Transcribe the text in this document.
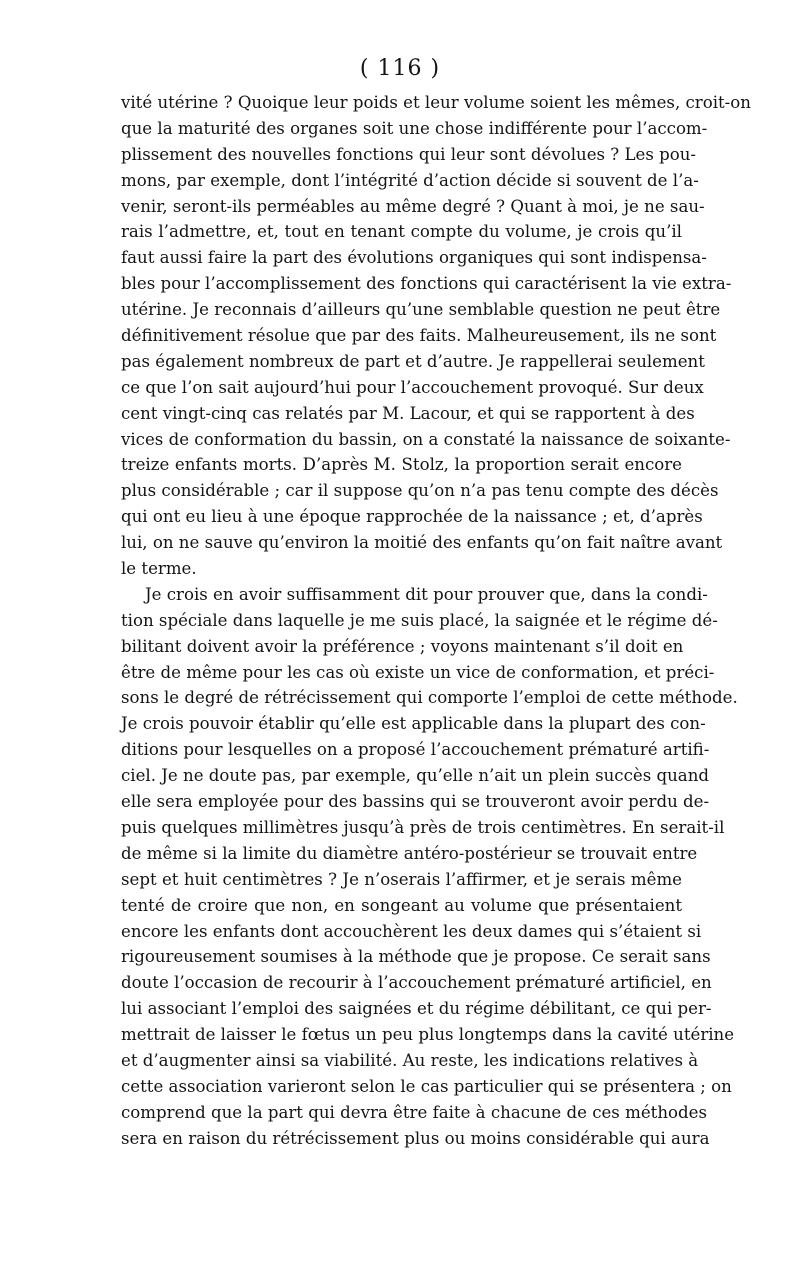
( 116 )
vité utérine ? Quoique leur poids et leur volume soient les mêmes, croit-on
que la maturité des organes soit une chose indifférente pour l’accom-
plissement des nouvelles fonctions qui leur sont dévolues ? Les pou-
mons, par exemple, dont l’intégrité d’action décide si souvent de l’a-
venir, seront-ils perméables au même degré ? Quant à moi, je ne sau-
rais l’admettre, et, tout en tenant compte du volume, je crois qu’il
faut aussi faire la part des évolutions organiques qui sont indispensa-
bles pour l’accomplissement des fonctions qui caractérisent la vie extra-
utérine. Je reconnais d’ailleurs qu’une semblable question ne peut être
définitivement résolue que par des faits. Malheureusement, ils ne sont
pas également nombreux de part et d’autre. Je rappellerai seulement
ce que l’on sait aujourd’hui pour l’accouchement provoqué. Sur deux
cent vingt-cinq cas relatés par M. Lacour, et qui se rapportent à des
vices de conformation du bassin, on a constaté la naissance de soixante-
treize enfants morts. D’après M. Stolz, la proportion serait encore
plus considérable ; car il suppose qu’on n’a pas tenu compte des décès
qui ont eu lieu à une époque rapprochée de la naissance ; et, d’après
lui, on ne sauve qu’environ la moitié des enfants qu’on fait naître avant
le terme.
Je crois en avoir suffisamment dit pour prouver que, dans la condi-
tion spéciale dans laquelle je me suis placé, la saignée et le régime dé-
bilitant doivent avoir la préférence ; voyons maintenant s’il doit en
être de même pour les cas où existe un vice de conformation, et préci-
sons le degré de rétrécissement qui comporte l’emploi de cette méthode.
Je crois pouvoir établir qu’elle est applicable dans la plupart des con-
ditions pour lesquelles on a proposé l’accouchement prématuré artifi-
ciel. Je ne doute pas, par exemple, qu’elle n’ait un plein succès quand
elle sera employée pour des bassins qui se trouveront avoir perdu de-
puis quelques millimètres jusqu’à près de trois centimètres. En serait-il
de même si la limite du diamètre antéro-postérieur se trouvait entre
sept et huit centimètres ? Je n’oserais l’affirmer, et je serais même
tenté de croire que non, en songeant au volume que présentaient
encore les enfants dont accouchèrent les deux dames qui s’étaient si
rigoureusement soumises à la méthode que je propose. Ce serait sans
doute l’occasion de recourir à l’accouchement prématuré artificiel, en
lui associant l’emploi des saignées et du régime débilitant, ce qui per-
mettrait de laisser le fœtus un peu plus longtemps dans la cavité utérine
et d’augmenter ainsi sa viabilité. Au reste, les indications relatives à
cette association varieront selon le cas particulier qui se présentera ; on
comprend que la part qui devra être faite à chacune de ces méthodes
sera en raison du rétrécissement plus ou moins considérable qui aura
